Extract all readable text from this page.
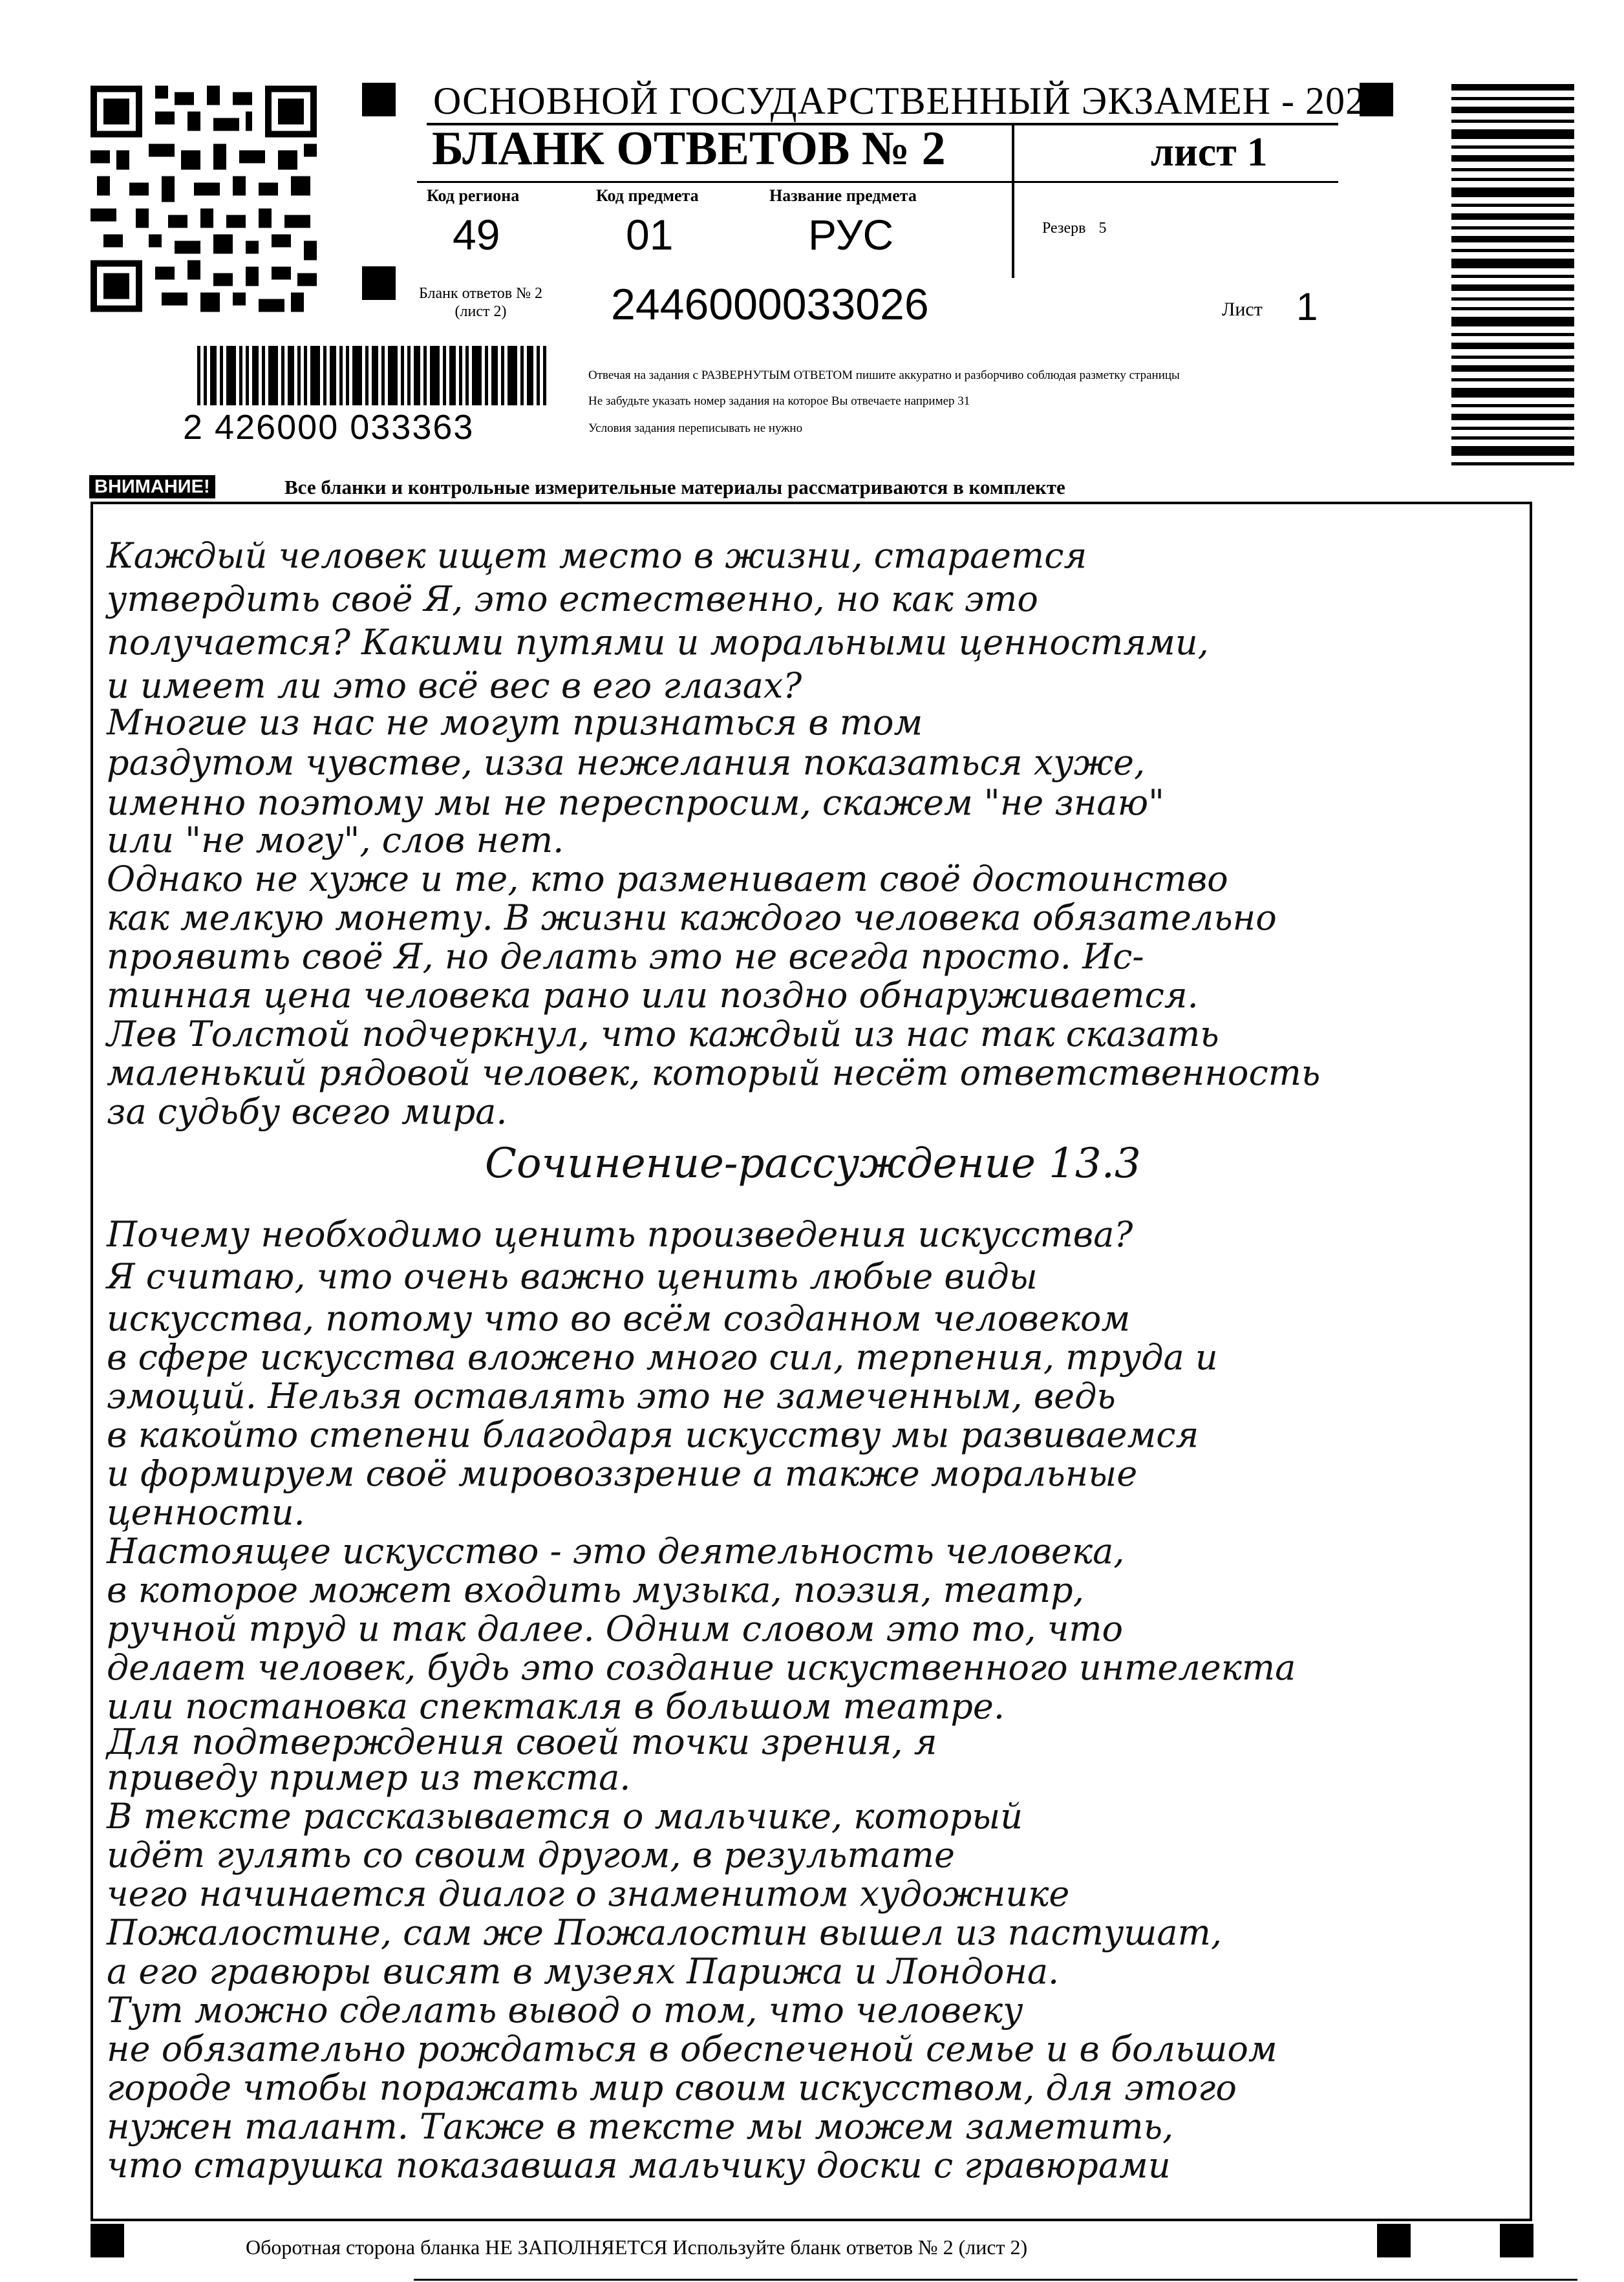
ОСНОВНОЙ ГОСУДАРСТВЕННЫЙ ЭКЗАМЕН - 2024
БЛАНК ОТВЕТОВ № 2	лист 1
Код региона
49
Код предмета
01
Название предмета
РУС	Резерв 5
Бланк ответов № 2
(лист 2)	2446000033026	Лист 1
2 426000 033363
Отвечая на задания с РАЗВЕРНУТЫМ ОТВЕТОМ пишите аккуратно и разборчиво соблюдая разметку страницы
Не забудьте указать номер задания на которое Вы отвечаете например 31
Условия задания переписывать не нужно
ВНИМАНИЕ!	Все бланки и контрольные измерительные материалы рассматриваются в комплекте
Каждый человек ищет место в жизни, старается
утвердить своё Я, это естественно, но как это
получается? Какими путями и моральными ценностями,
и имеет ли это всё вес в его глазах?
Многие из нас не могут признаться в том
раздутом чувстве, изза нежелания показаться хуже,
именно поэтому мы не переспросим, скажем "не знаю"
или "не могу", слов нет.
Однако не хуже и те, кто разменивает своё достоинство
как мелкую монету. В жизни каждого человека обязательно
проявить своё Я, но делать это не всегда просто. Ис-
тинная цена человека рано или поздно обнаруживается.
Лев Толстой подчеркнул, что каждый из нас так сказать
маленький рядовой человек, который несёт ответственность
за судьбу всего мира.
Сочинение-рассуждение 13.3
Почему необходимо ценить произведения искусства?
Я считаю, что очень важно ценить любые виды
искусства, потому что во всём созданном человеком
в сфере искусства вложено много сил, терпения, труда и
эмоций. Нельзя оставлять это не замеченным, ведь
в какойто степени благодаря искусству мы развиваемся
и формируем своё мировоззрение а также моральные
ценности.
Настоящее искусство - это деятельность человека,
в которое может входить музыка, поэзия, театр,
ручной труд и так далее. Одним словом это то, что
делает человек, будь это создание искуственного интелекта
или постановка спектакля в большом театре.
Для подтверждения своей точки зрения, я
приведу пример из текста.
В тексте рассказывается о мальчике, который
идёт гулять со своим другом, в результате
чего начинается диалог о знаменитом художнике
Пожалостине, сам же Пожалостин вышел из пастушат,
а его гравюры висят в музеях Парижа и Лондона.
Тут можно сделать вывод о том, что человеку
не обязательно рождаться в обеспеченой семье и в большом
городе чтобы поражать мир своим искусством, для этого
нужен талант. Также в тексте мы можем заметить,
что старушка показавшая мальчику доски с гравюрами
Оборотная сторона бланка НЕ ЗАПОЛНЯЕТСЯ Используйте бланк ответов № 2 (лист 2)
